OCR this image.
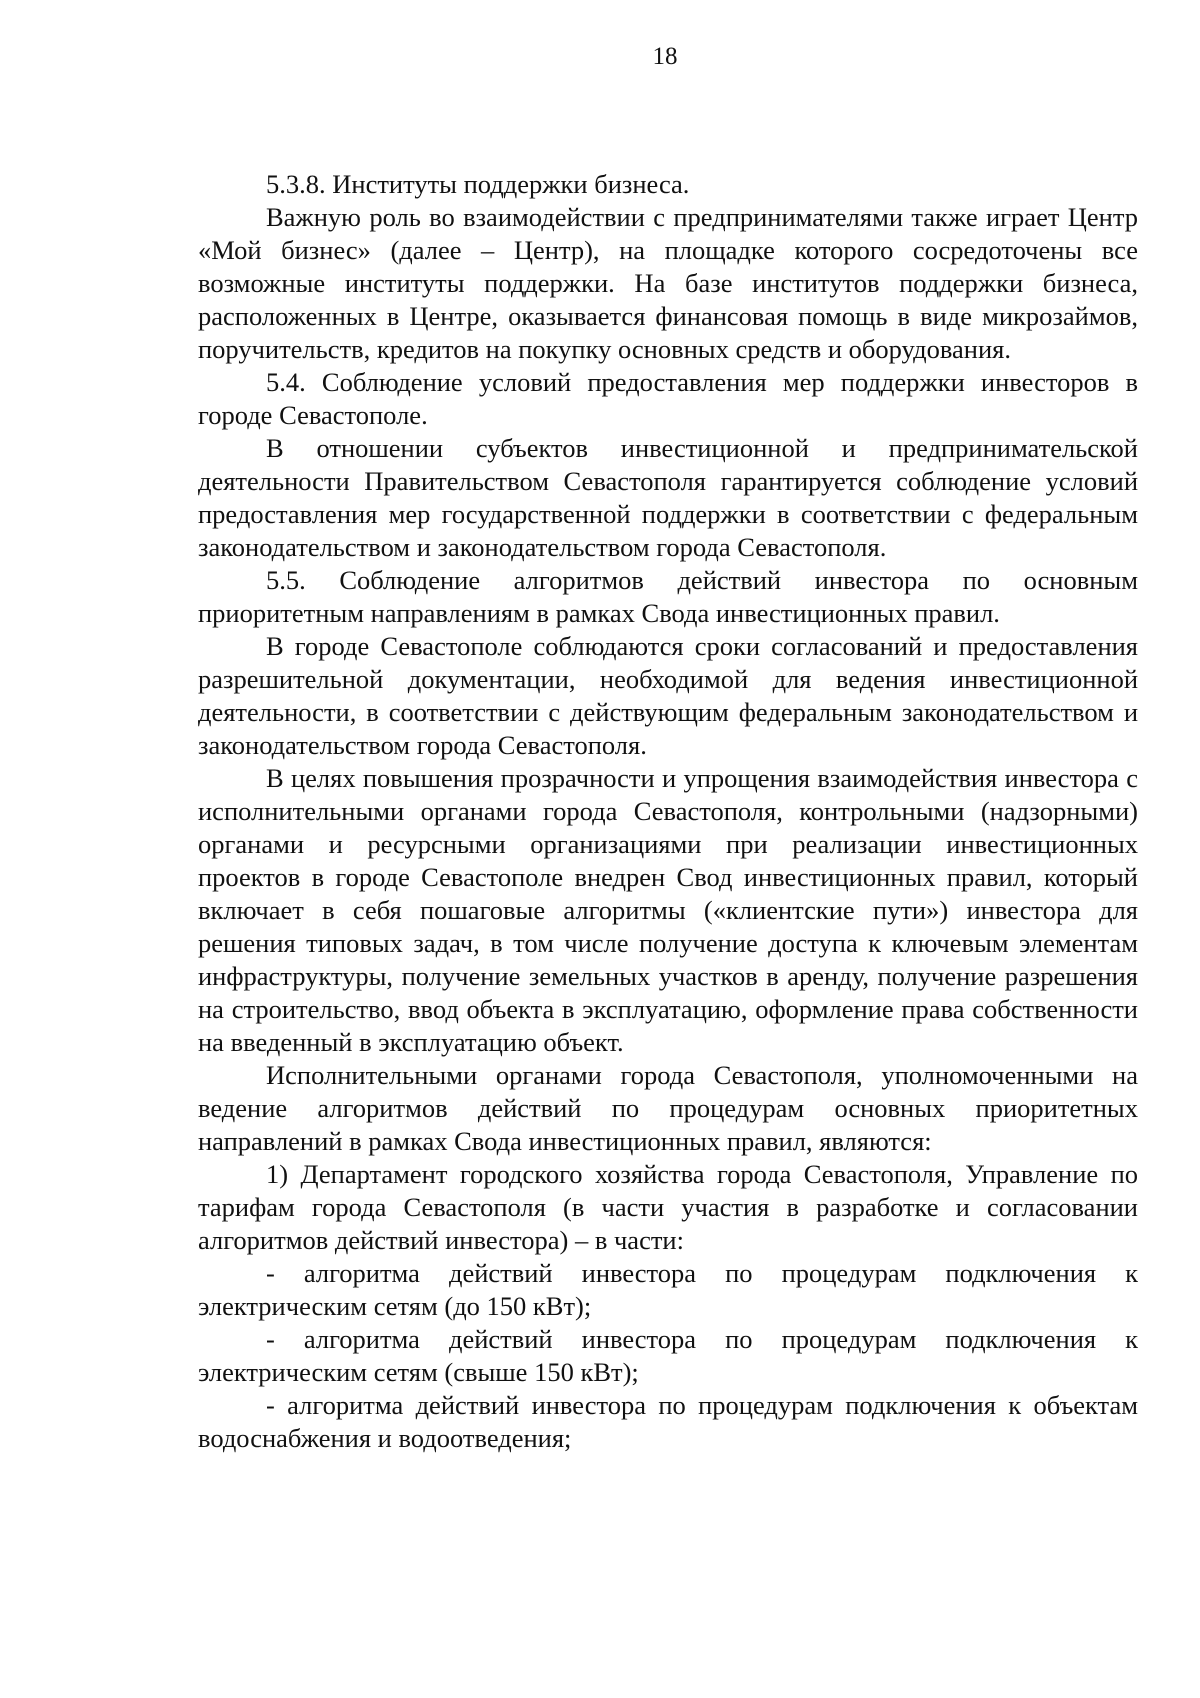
18

5.3.8. Институты поддержки бизнеса.

Важную роль во взаимодействии с предпринимателями также играет Центр «Мой бизнес» (далее – Центр), на площадке которого сосредоточены все возможные институты поддержки. На базе институтов поддержки бизнеса, расположенных в Центре, оказывается финансовая помощь в виде микрозаймов, поручительств, кредитов на покупку основных средств и оборудования.

5.4. Соблюдение условий предоставления мер поддержки инвесторов в городе Севастополе.

В отношении субъектов инвестиционной и предпринимательской деятельности Правительством Севастополя гарантируется соблюдение условий предоставления мер государственной поддержки в соответствии с федеральным законодательством и законодательством города Севастополя.

5.5. Соблюдение алгоритмов действий инвестора по основным приоритетным направлениям в рамках Свода инвестиционных правил.

В городе Севастополе соблюдаются сроки согласований и предоставления разрешительной документации, необходимой для ведения инвестиционной деятельности, в соответствии с действующим федеральным законодательством и законодательством города Севастополя.

В целях повышения прозрачности и упрощения взаимодействия инвестора с исполнительными органами города Севастополя, контрольными (надзорными) органами и ресурсными организациями при реализации инвестиционных проектов в городе Севастополе внедрен Свод инвестиционных правил, который включает в себя пошаговые алгоритмы («клиентские пути») инвестора для решения типовых задач, в том числе получение доступа к ключевым элементам инфраструктуры, получение земельных участков в аренду, получение разрешения на строительство, ввод объекта в эксплуатацию, оформление права собственности на введенный в эксплуатацию объект.

Исполнительными органами города Севастополя, уполномоченными на ведение алгоритмов действий по процедурам основных приоритетных направлений в рамках Свода инвестиционных правил, являются:

1) Департамент городского хозяйства города Севастополя, Управление по тарифам города Севастополя (в части участия в разработке и согласовании алгоритмов действий инвестора) – в части:

- алгоритма действий инвестора по процедурам подключения к электрическим сетям (до 150 кВт);

- алгоритма действий инвестора по процедурам подключения к электрическим сетям (свыше 150 кВт);

- алгоритма действий инвестора по процедурам подключения к объектам водоснабжения и водоотведения;
